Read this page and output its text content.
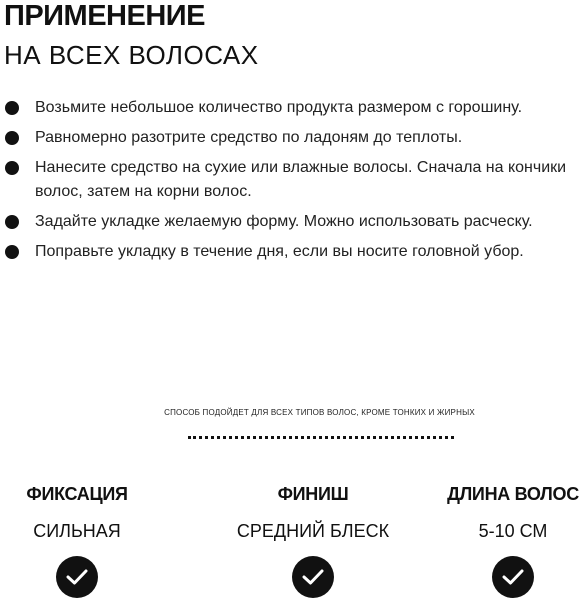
ПРИМЕНЕНИЕ
НА ВСЕХ ВОЛОСАХ
Возьмите небольшое количество продукта размером с горошину.
Равномерно разотрите средство по ладоням до теплоты.
Нанесите средство на сухие или влажные волосы. Сначала на кончики волос, затем на корни волос.
Задайте укладке желаемую форму. Можно использовать расческу.
Поправьте укладку в течение дня, если вы носите головной убор.
СПОСОБ ПОДОЙДЕТ ДЛЯ ВСЕХ ТИПОВ ВОЛОС, КРОМЕ ТОНКИХ И ЖИРНЫХ
ФИКСАЦИЯ
СИЛЬНАЯ
ФИНИШ
СРЕДНИЙ БЛЕСК
ДЛИНА ВОЛОС
5-10 СМ
